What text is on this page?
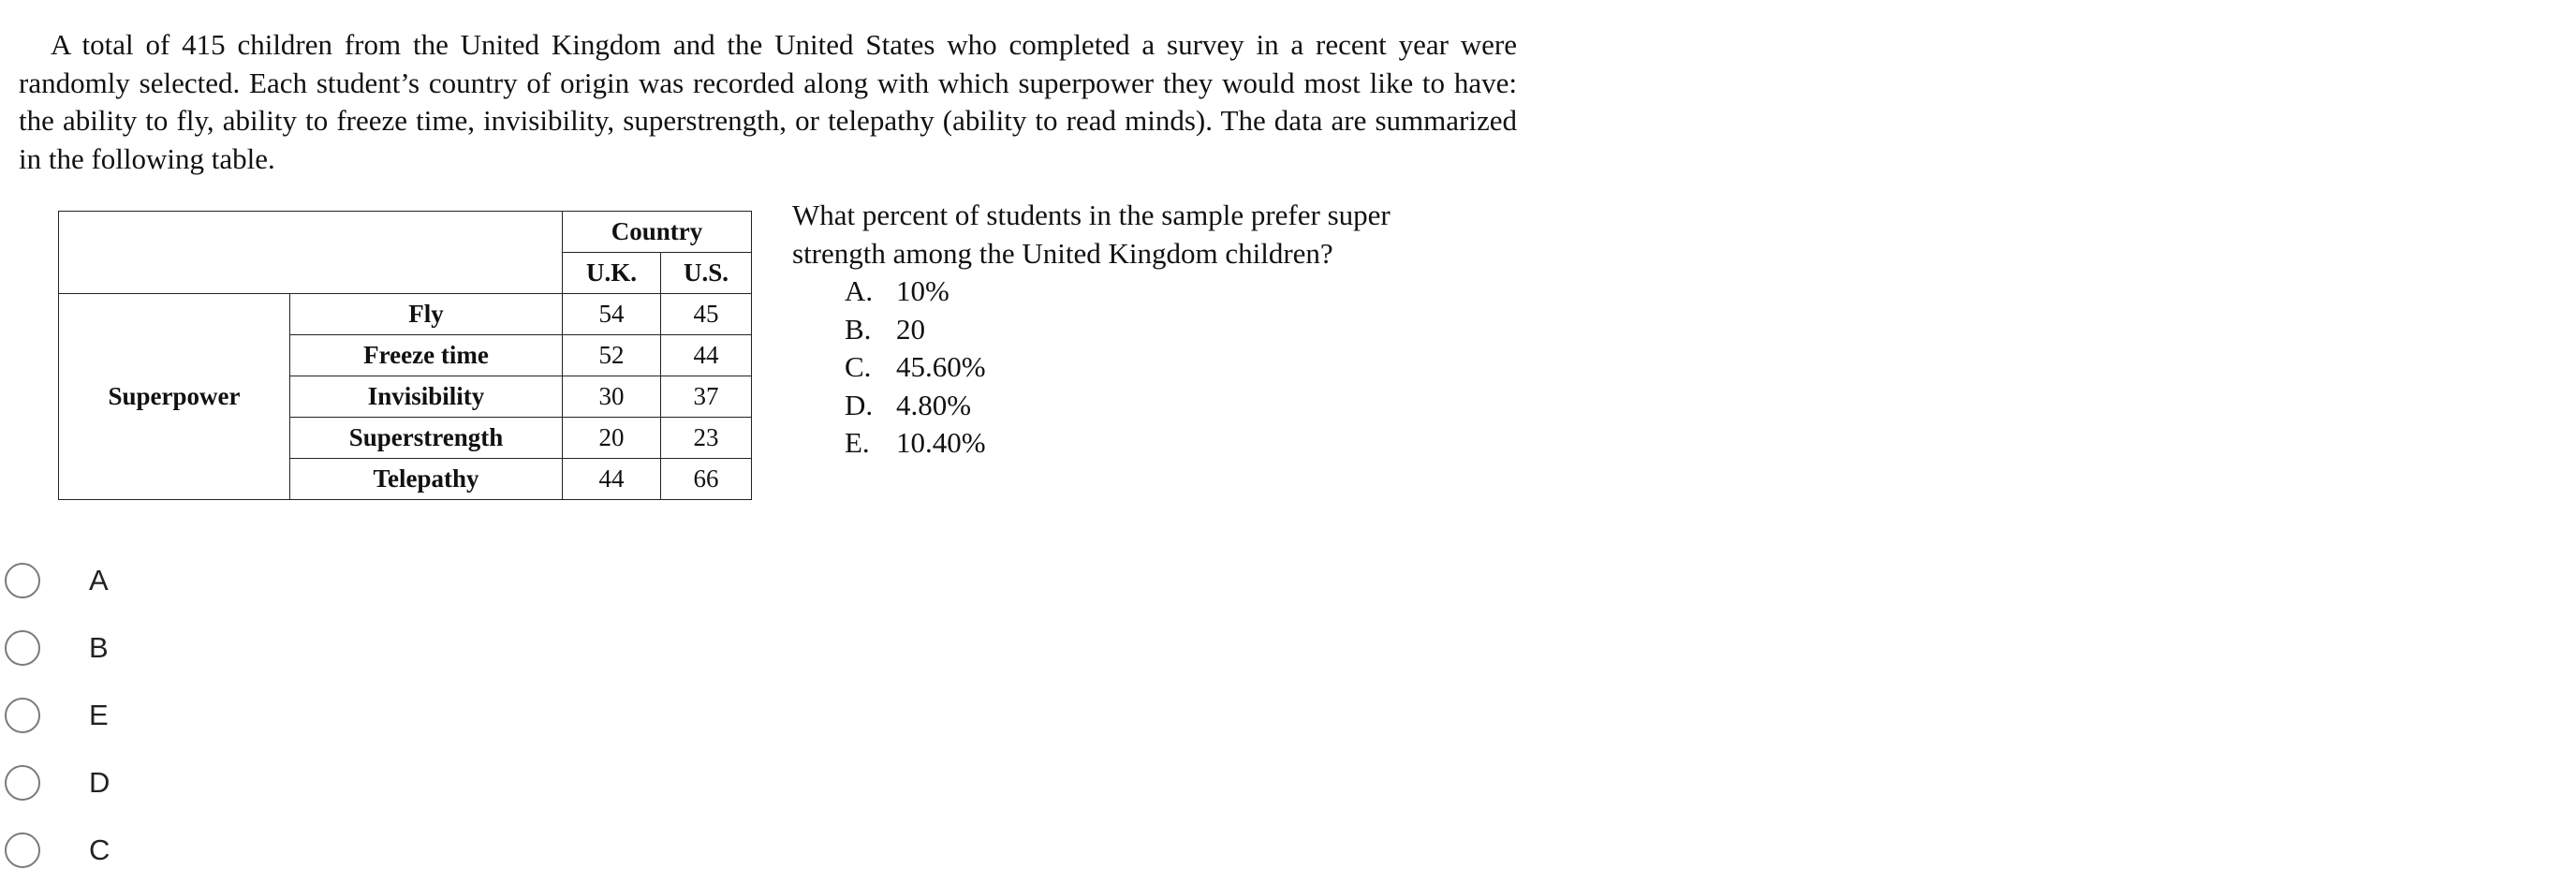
A total of 415 children from the United Kingdom and the United States who completed a survey in a recent year were randomly selected. Each student’s country of origin was recorded along with which superpower they would most like to have: the ability to fly, ability to freeze time, invisibility, superstrength, or telepathy (ability to read minds). The data are summarized in the following table.

		Country	
		U.K.	U.S.
Superpower	Fly	54	45
	Freeze time	52	44
	Invisibility	30	37
	Superstrength	20	23
	Telepathy	44	66

What percent of students in the sample prefer super strength among the United Kingdom children?

A. 10%
B. 20
C. 45.60%
D. 4.80%
E. 10.40%
A
B
E
D
C
